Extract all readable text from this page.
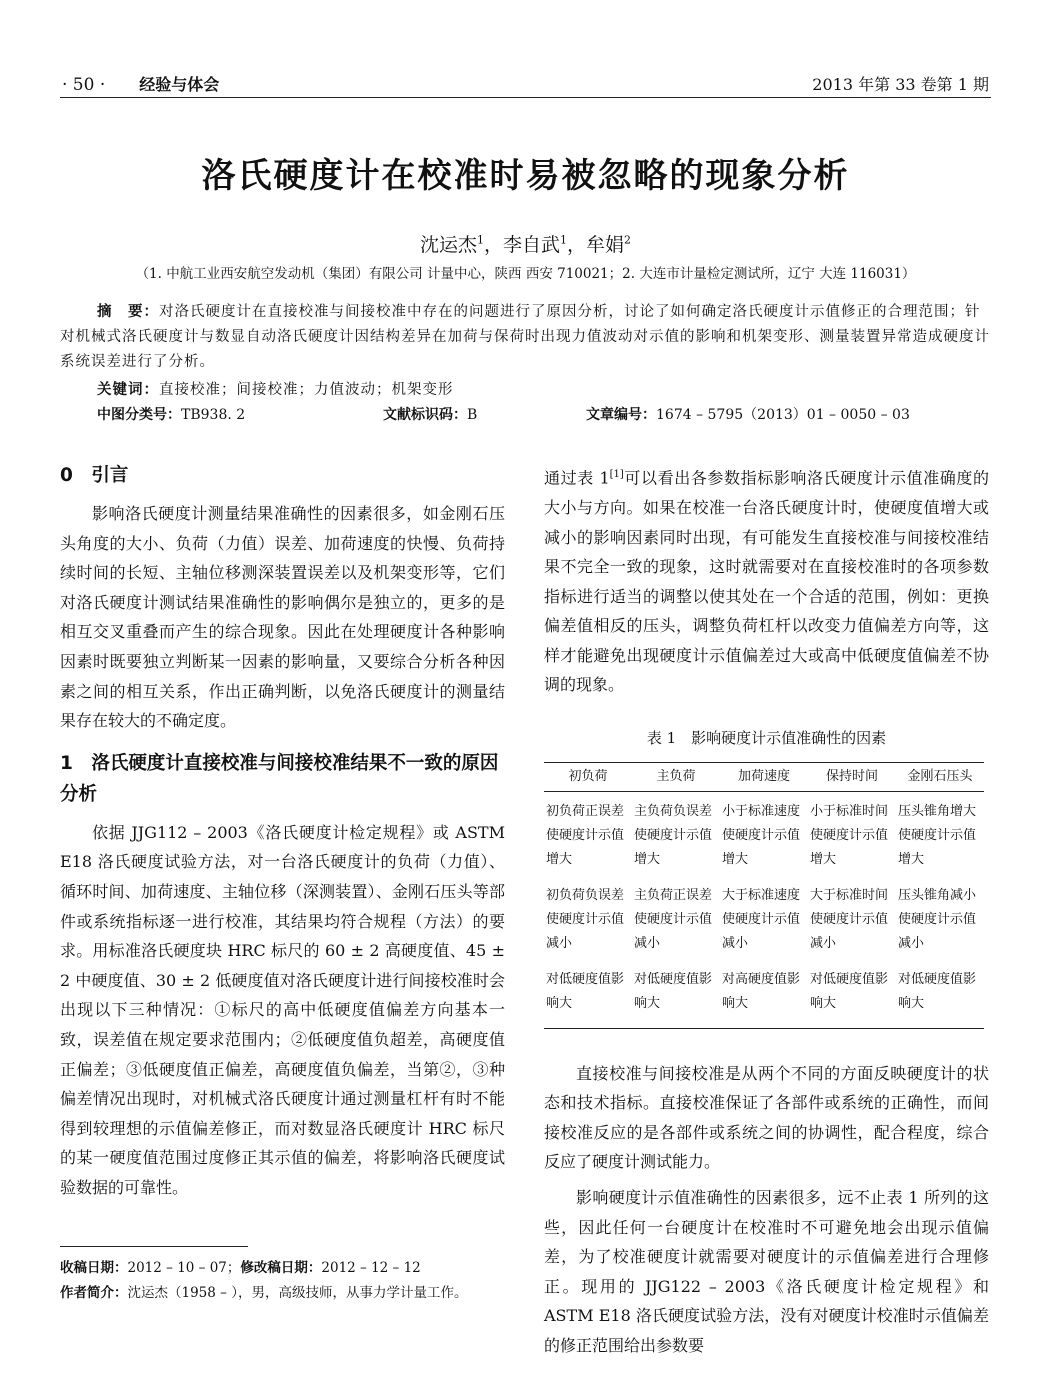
· 50 · 经验与体会	2013 年第 33 卷第 1 期
洛氏硬度计在校准时易被忽略的现象分析
沈运杰$^1$，李自武$^1$，牟娟$^2$
（1. 中航工业西安航空发动机（集团）有限公司 计量中心，陕西 西安 710021；2. 大连市计量检定测试所，辽宁 大连 116031）
摘　要：对洛氏硬度计在直接校准与间接校准中存在的问题进行了原因分析，讨论了如何确定洛氏硬度计示值修正的合理范围；针对机械式洛氏硬度计与数显自动洛氏硬度计因结构差异在加荷与保荷时出现力值波动对示值的影响和机架变形、测量装置异常造成硬度计系统误差进行了分析。
关键词：直接校准；间接校准；力值波动；机架变形
中图分类号：TB938. 2	文献标识码：B	文章编号：1674 – 5795（2013）01 – 0050 – 03
0　引言

影响洛氏硬度计测量结果准确性的因素很多，如金刚石压头角度的大小、负荷（力值）误差、加荷速度的快慢、负荷持续时间的长短、主轴位移测深装置误差以及机架变形等，它们对洛氏硬度计测试结果准确性的影响偶尔是独立的，更多的是相互交叉重叠而产生的综合现象。因此在处理硬度计各种影响因素时既要独立判断某一因素的影响量，又要综合分析各种因素之间的相互关系，作出正确判断，以免洛氏硬度计的测量结果存在较大的不确定度。

1　洛氏硬度计直接校准与间接校准结果不一致的原因分析

依据 JJG112 – 2003《洛氏硬度计检定规程》或 ASTM E18 洛氏硬度试验方法，对一台洛氏硬度计的负荷（力值）、循环时间、加荷速度、主轴位移（深测装置）、金刚石压头等部件或系统指标逐一进行校准，其结果均符合规程（方法）的要求。用标准洛氏硬度块 HRC 标尺的 60 ± 2 高硬度值、45 ± 2 中硬度值、30 ± 2 低硬度值对洛氏硬度计进行间接校准时会出现以下三种情况：①标尺的高中低硬度值偏差方向基本一致，误差值在规定要求范围内；②低硬度值负超差，高硬度值正偏差；③低硬度值正偏差，高硬度值负偏差，当第②，③种偏差情况出现时，对机械式洛氏硬度计通过测量杠杆有时不能得到较理想的示值偏差修正，而对数显洛氏硬度计 HRC 标尺的某一硬度值范围过度修正其示值的偏差，将影响洛氏硬度试验数据的可靠性。

收稿日期：2012 – 10 – 07；修改稿日期：2012 – 12 – 12
作者简介：沈运杰（1958 – ），男，高级技师，从事力学计量工作。

通过表 1[1]可以看出各参数指标影响洛氏硬度计示值准确度的大小与方向。如果在校准一台洛氏硬度计时，使硬度值增大或减小的影响因素同时出现，有可能发生直接校准与间接校准结果不完全一致的现象，这时就需要对在直接校准时的各项参数指标进行适当的调整以使其处在一个合适的范围，例如：更换偏差值相反的压头，调整负荷杠杆以改变力值偏差方向等，这样才能避免出现硬度计示值偏差过大或高中低硬度值偏差不协调的现象。

表 1　影响硬度计示值准确性的因素
初负荷	主负荷	加荷速度	保持时间	金刚石压头
初负荷正误差使硬度计示值增大	主负荷负误差使硬度计示值增大	小于标准速度使硬度计示值增大	小于标准时间使硬度计示值增大	压头锥角增大使硬度计示值增大
初负荷负误差使硬度计示值减小	主负荷正误差使硬度计示值减小	大于标准速度使硬度计示值减小	大于标准时间使硬度计示值减小	压头锥角减小使硬度计示值减小
对低硬度值影响大	对低硬度值影响大	对高硬度值影响大	对低硬度值影响大	对低硬度值影响大

直接校准与间接校准是从两个不同的方面反映硬度计的状态和技术指标。直接校准保证了各部件或系统的正确性，而间接校准反应的是各部件或系统之间的协调性，配合程度，综合反应了硬度计测试能力。

影响硬度计示值准确性的因素很多，远不止表 1 所列的这些，因此任何一台硬度计在校准时不可避免地会出现示值偏差，为了校准硬度计就需要对硬度计的示值偏差进行合理修正。现用的 JJG122 – 2003《洛氏硬度计检定规程》和 ASTM E18 洛氏硬度试验方法，没有对硬度计校准时示值偏差的修正范围给出参数要
